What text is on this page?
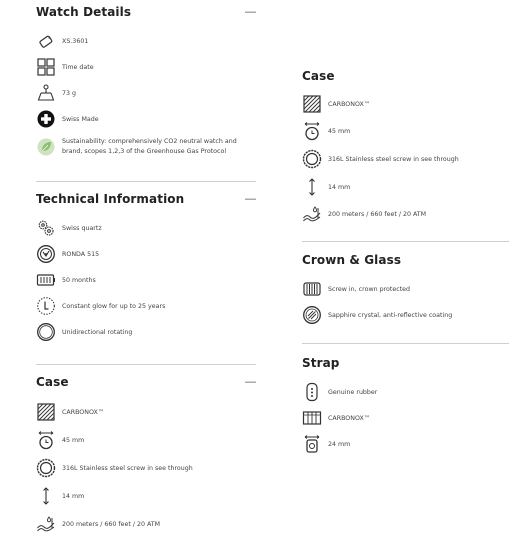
Watch Details	—
XS.3601
Time date
73 g
Swiss Made
Sustainability: comprehensively CO2 neutral watch and brand, scopes 1,2,3 of the Greenhouse Gas Protocol
Technical Information	—
Swiss quartz
RONDA 515
50 months
Constant glow for up to 25 years
Unidirectional rotating
Case	—
CARBONOX™
45 mm
316L Stainless steel screw in see through
14 mm
200 meters / 660 feet / 20 ATM
Case
CARBONOX™
45 mm
316L Stainless steel screw in see through
14 mm
200 meters / 660 feet / 20 ATM
Crown & Glass
Screw in, crown protected
Sapphire crystal, anti-reflective coating
Strap
Genuine rubber
CARBONOX™
24 mm
